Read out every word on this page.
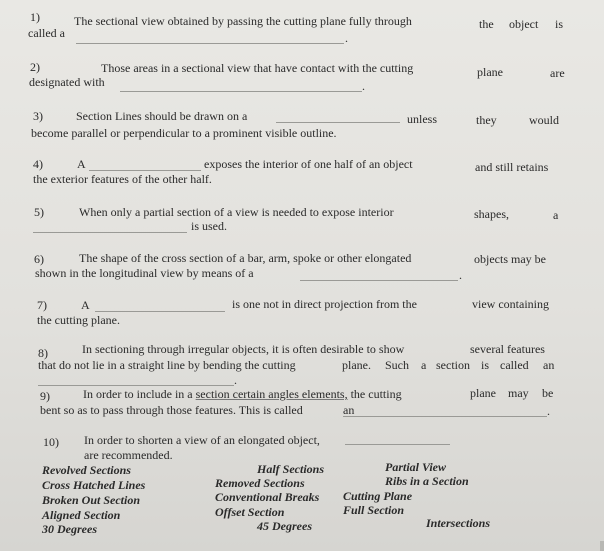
1)	The sectional view obtained by passing the cutting plane fully through	the object is
called a	.
2)	Those areas in a sectional view that have contact with the cutting	plane	are
designated with	.
3)	Section Lines should be drawn on a	unless	they	would
become parallel or perpendicular to a prominent visible outline.
4)	A	exposes the interior of one half of an object	and still retains
the exterior features of the other half.
5)	When only a partial section of a view is needed to expose interior	shapes,	a
is used.
6)	The shape of the cross section of a bar, arm, spoke or other elongated	objects may be
shown in the longitudinal view by means of a	.
7)	A	is one not in direct projection from the	view containing
the cutting plane.
8)	In sectioning through irregular objects, it is often desirable to show	several features
that do not lie in a straight line by bending the cutting	plane. Such a section is called an
.
9)	In order to include in a section certain angles elements, the cutting	plane may be
bent so as to pass through those features. This is called	an	.
10) In order to shorten a view of an elongated object,
are recommended.
Revolved Sections
Cross Hatched Lines
Broken Out Section
Aligned Section
30 Degrees
Half Sections
Removed Sections
Conventional Breaks
Offset Section
45 Degrees
Partial View
Ribs in a Section
Cutting Plane
Full Section
Intersections
